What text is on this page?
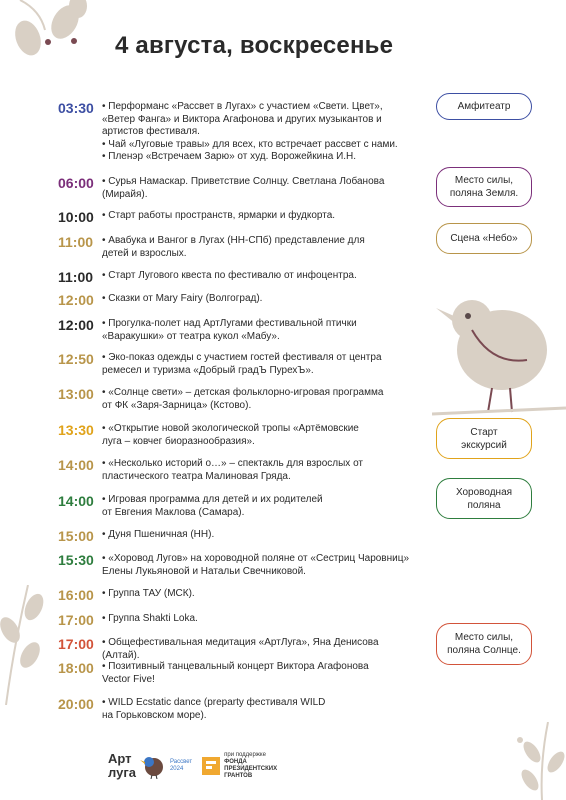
4 августа, воскресенье
03:30 • Перформанс «Рассвет в Лугах» с участием «Свети. Цвет»,
«Ветер Фанга» и Виктора Агафонова и других музыкантов и
артистов фестиваля.
• Чай «Луговые травы» для всех, кто встречает рассвет с нами.
• Пленэр «Встречаем Зарю» от худ. Ворожейкина И.Н.
06:00 • Сурья Намаскар. Приветствие Солнцу. Светлана Лобанова
(Мирайя).
10:00 • Старт работы пространств, ярмарки и фудкорта.
11:00 • Авабука и Вангог в Лугах (НН-СПб) представление для
детей и взрослых.
11:00 • Старт Лугового квеста по фестивалю от инфоцентра.
12:00 • Сказки от Mary Fairy (Волгоград).
12:00 • Прогулка-полет над АртЛугами фестивальной птички
«Варакушки» от театра кукол «Мабу».
12:50 • Эко-показ одежды с участием гостей фестиваля от центра
ремесел и туризма «Добрый градЪ ПурехЪ».
13:00 • «Солнце свети» – детская фольклорно-игровая программа
от ФК «Заря-Зарница» (Кстово).
13:30 • «Открытие новой экологической тропы «Артёмовские
луга – ковчег биоразнообразия».
14:00 • «Несколько историй о…» – спектакль для взрослых от
пластического театра Малиновая Гряда.
14:00 • Игровая программа для детей и их родителей
от Евгения Маклова (Самара).
15:00 • Дуня Пшеничная (НН).
15:30 • «Хоровод Лугов» на хороводной поляне от «Сестриц Чаровниц»
Елены Лукьяновой и Натальи Свечниковой.
16:00 • Группа ТАУ (МСК).
17:00 • Группа Shakti Loka.
17:00 • Общефестивальная медитация «АртЛуга», Яна Денисова (Алтай).
18:00 • Позитивный танцевальный концерт Виктора Агафонова
Vector Five!
20:00 • WILD Ecstatic dance (preparty фестиваля WILD
на Горьковском море).
Амфитеатр
Место силы, поляна Земля.
Сцена «Небо»
Старт экскурсий
Хороводная поляна
Место силы, поляна Солнце.
Арт
луга
Рассвет
2024
при поддержке
ФОНДА
ПРЕЗИДЕНТСКИХ
ГРАНТОВ
